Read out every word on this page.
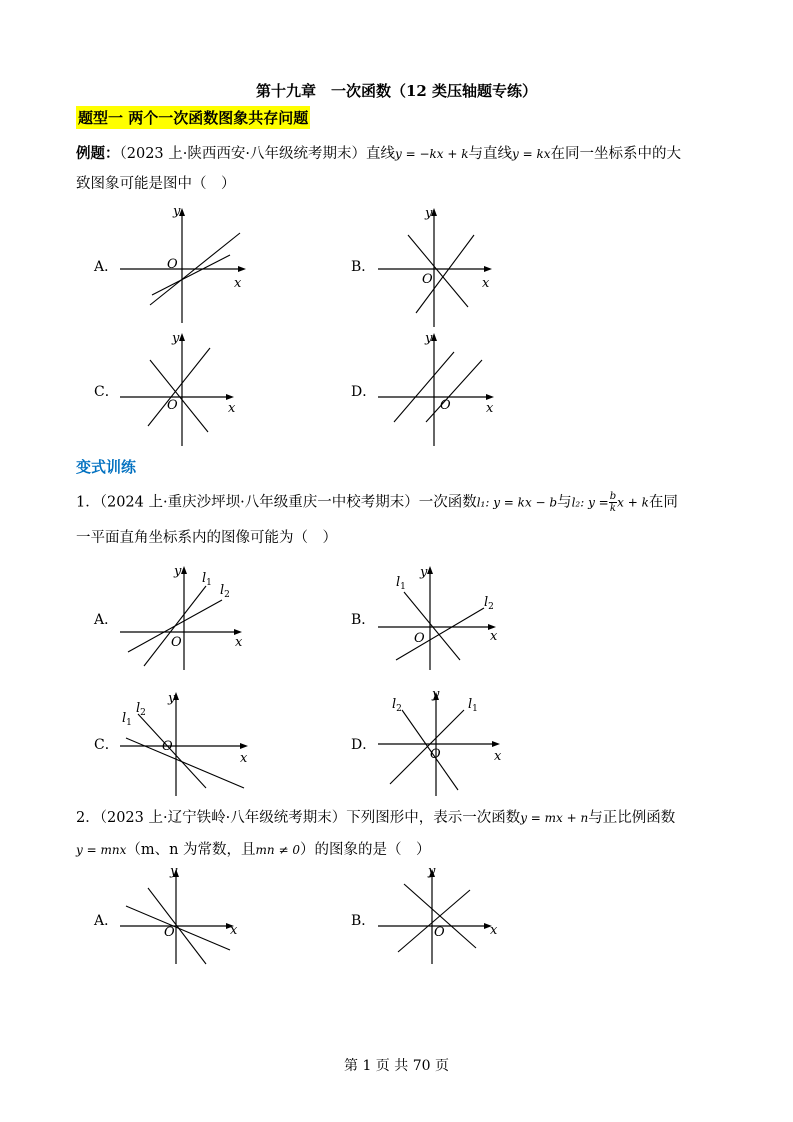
第十九章　一次函数（12 类压轴题专练）
题型一 两个一次函数图象共存问题
例题：（2023 上·陕西西安·八年级统考期末）直线y = −kx + k与直线y = kx在同一坐标系中的大
致图象可能是图中（　）
A．	B．
C．	D．
y
x
O
y
x
O
y
x
O
y
x
O
变式训练
1．（2024 上·重庆沙坪坝·八年级重庆一中校考期末）一次函数l₁: y = kx − b与l₂: $y = \frac{b}{k}$ x + k在同
一平面直角坐标系内的图像可能为（　）
A．	B．
C．	D．
y
x
O
$l_1$ $l_2$
y
x
O
$l_1$
$l_2$
y
x
O
$l_1$
$l_2$
y
x
O
$l_2$	$l_1$
2．（2023 上·辽宁铁岭·八年级统考期末）下列图形中，表示一次函数y = mx + n与正比例函数
y = mnx（m、n 为常数，且mn ≠ 0）的图象的是（　）
A．	B．
y
x
O
y
x
O
第 1 页 共 70 页
